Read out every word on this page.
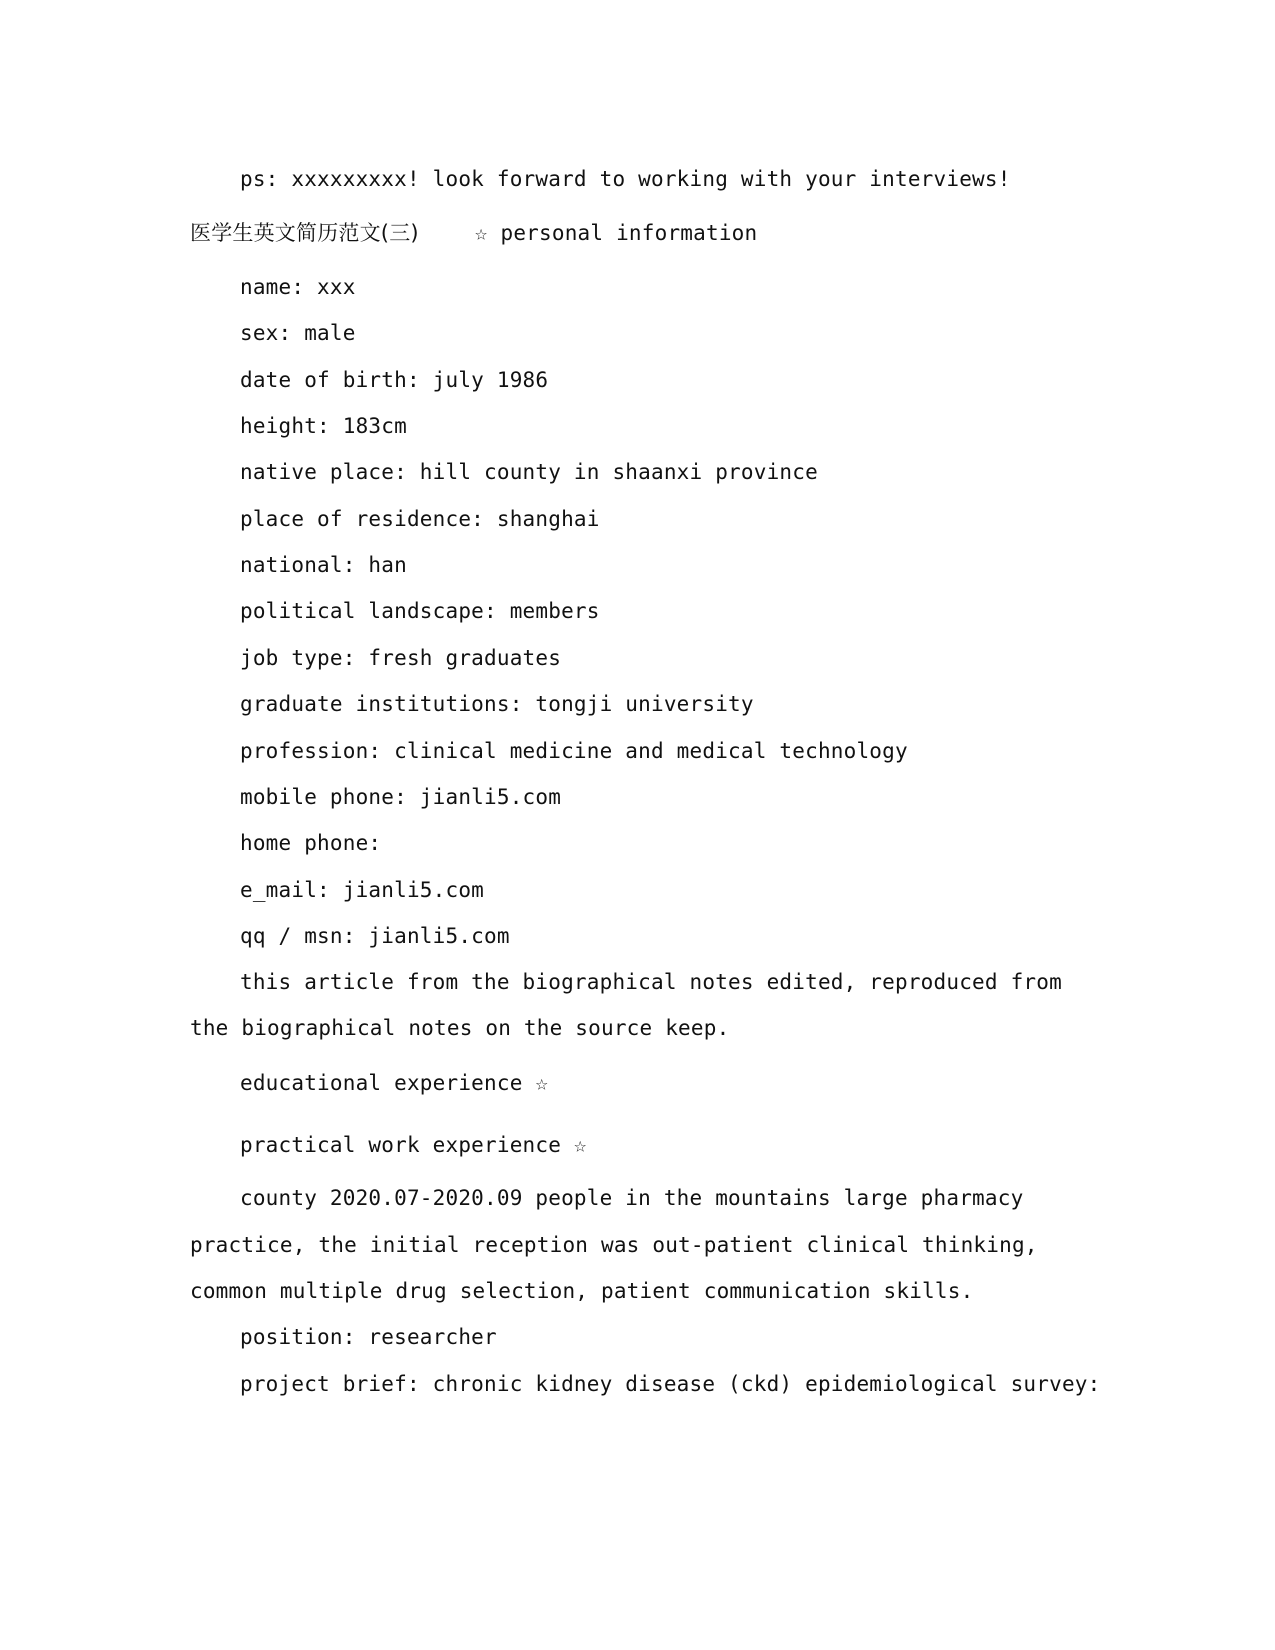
ps: xxxxxxxxx! look forward to working with your interviews!
医学生英文简历范文(三)	☆ personal information
name: xxx
sex: male
date of birth: july 1986
height: 183cm
native place: hill county in shaanxi province
place of residence: shanghai
national: han
political landscape: members
job type: fresh graduates
graduate institutions: tongji university
profession: clinical medicine and medical technology
mobile phone: jianli5.com
home phone:
e_mail: jianli5.com
qq / msn: jianli5.com
this article from the biographical notes edited, reproduced from
the biographical notes on the source keep.
educational experience ☆
practical work experience ☆
county 2020.07-2020.09 people in the mountains large pharmacy
practice, the initial reception was out-patient clinical thinking,
common multiple drug selection, patient communication skills.
position: researcher
project brief: chronic kidney disease (ckd) epidemiological survey:
